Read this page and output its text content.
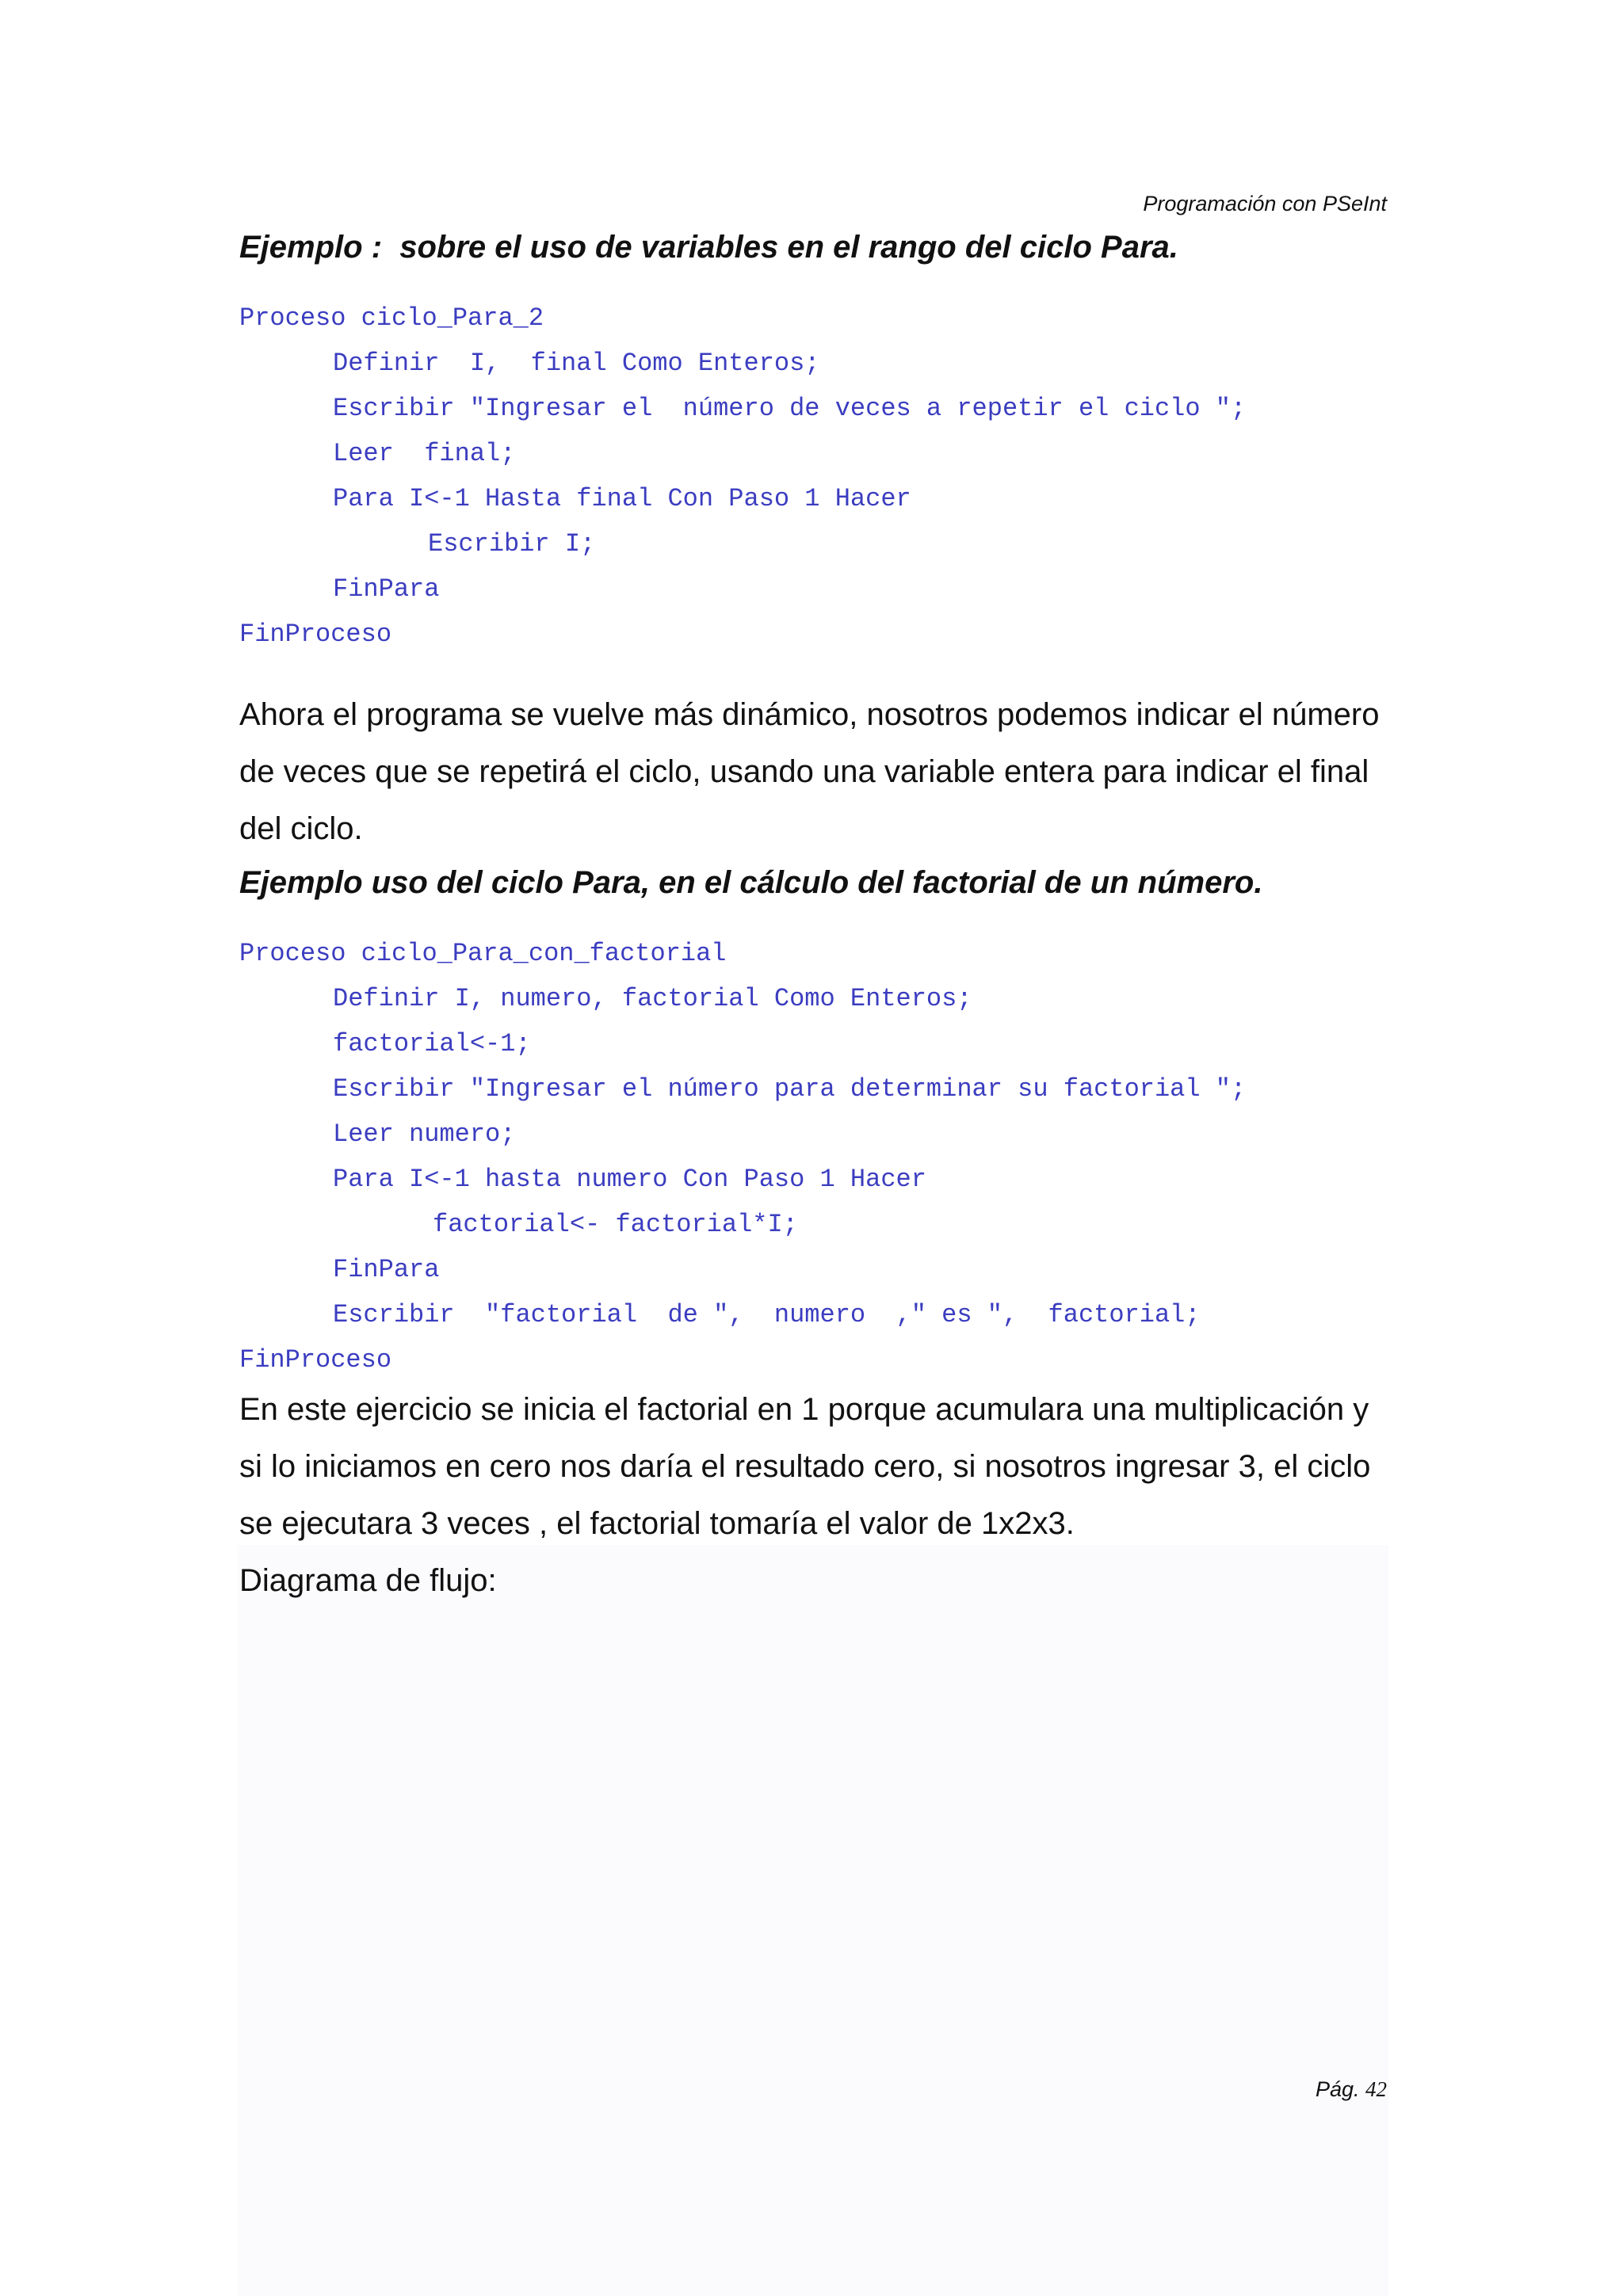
Programación con PSeInt
Ejemplo :  sobre el uso de variables en el rango del ciclo Para.
Proceso ciclo_Para_2
Definir  I,  final Como Enteros;
Escribir "Ingresar el  número de veces a repetir el ciclo ";
Leer  final;
Para I<-1 Hasta final Con Paso 1 Hacer
Escribir I;
FinPara
FinProceso
Ahora el programa se vuelve más dinámico, nosotros podemos indicar el número
de veces que se repetirá el ciclo, usando una variable entera para indicar el final
del ciclo.
Ejemplo uso del ciclo Para, en el cálculo del factorial de un número.
Proceso ciclo_Para_con_factorial
Definir I, numero, factorial Como Enteros;
factorial<-1;
Escribir "Ingresar el número para determinar su factorial ";
Leer numero;
Para I<-1 hasta numero Con Paso 1 Hacer
factorial<- factorial*I;
FinPara
Escribir  "factorial  de ",  numero  ," es ",  factorial;
FinProceso
En este ejercicio se inicia el factorial en 1 porque acumulara una multiplicación y
si lo iniciamos en cero nos daría el resultado cero, si nosotros ingresar 3, el ciclo
se ejecutara 3 veces , el factorial tomaría el valor de 1x2x3.
Diagrama de flujo:
Pág. 42
